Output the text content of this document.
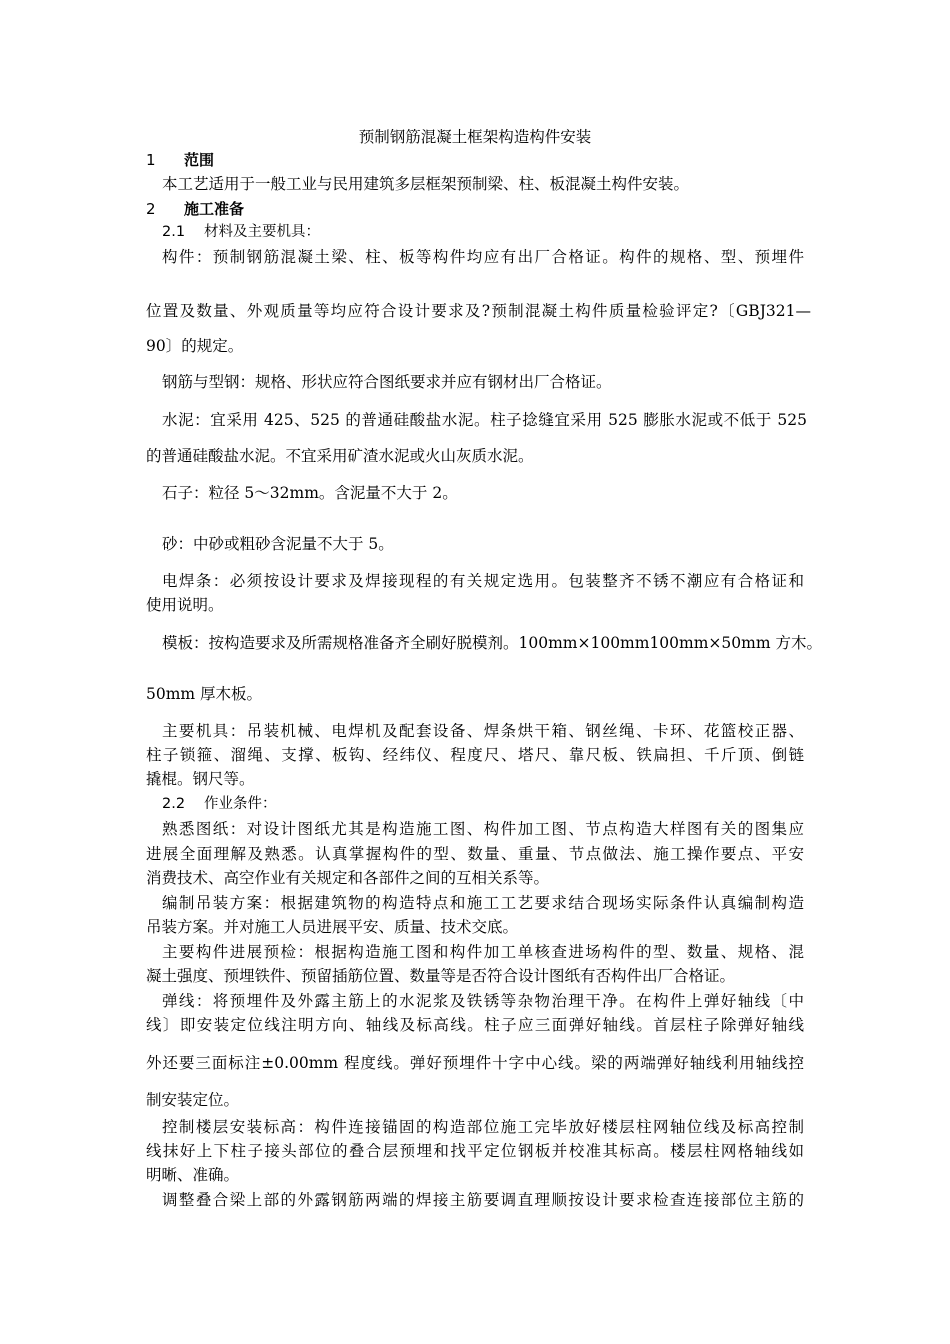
预制钢筋混凝土框架构造构件安装

1 范围

本工艺适用于一般工业与民用建筑多层框架预制梁、柱、板混凝土构件安装。

2 施工准备

2.1 材料及主要机具：

构件：预制钢筋混凝土梁、柱、板等构件均应有出厂合格证。构件的规格、型、预埋件

位置及数量、外观质量等均应符合设计要求及?预制混凝土构件质量检验评定?〔GBJ321—

90〕的规定。

钢筋与型钢：规格、形状应符合图纸要求并应有钢材出厂合格证。

水泥：宜采用 425、525 的普通硅酸盐水泥。柱子捻缝宜采用 525 膨胀水泥或不低于 525

的普通硅酸盐水泥。不宜采用矿渣水泥或火山灰质水泥。

石子：粒径 5～32mm。含泥量不大于 2。

砂：中砂或粗砂含泥量不大于 5。

电焊条：必须按设计要求及焊接现程的有关规定选用。包装整齐不锈不潮应有合格证和

使用说明。

模板：按构造要求及所需规格准备齐全刷好脱模剂。100mm×100mm100mm×50mm 方木。

50mm 厚木板。

主要机具：吊装机械、电焊机及配套设备、焊条烘干箱、钢丝绳、卡环、花篮校正器、

柱子锁箍、溜绳、支撑、板钩、经纬仪、程度尺、塔尺、靠尺板、铁扁担、千斤顶、倒链

撬棍。钢尺等。

2.2 作业条件：

熟悉图纸：对设计图纸尤其是构造施工图、构件加工图、节点构造大样图有关的图集应

进展全面理解及熟悉。认真掌握构件的型、数量、重量、节点做法、施工操作要点、平安

消费技术、高空作业有关规定和各部件之间的互相关系等。

编制吊装方案：根据建筑物的构造特点和施工工艺要求结合现场实际条件认真编制构造

吊装方案。并对施工人员进展平安、质量、技术交底。

主要构件进展预检：根据构造施工图和构件加工单核查进场构件的型、数量、规格、混

凝土强度、预埋铁件、预留插筋位置、数量等是否符合设计图纸有否构件出厂合格证。

弹线：将预埋件及外露主筋上的水泥浆及铁锈等杂物治理干净。在构件上弹好轴线〔中

线〕即安装定位线注明方向、轴线及标高线。柱子应三面弹好轴线。首层柱子除弹好轴线

外还要三面标注±0.00mm 程度线。弹好预埋件十字中心线。梁的两端弹好轴线利用轴线控

制安装定位。

控制楼层安装标高：构件连接锚固的构造部位施工完毕放好楼层柱网轴位线及标高控制

线抹好上下柱子接头部位的叠合层预埋和找平定位钢板并校准其标高。楼层柱网格轴线如

明晰、准确。

调整叠合梁上部的外露钢筋两端的焊接主筋要调直理顺按设计要求检查连接部位主筋的
